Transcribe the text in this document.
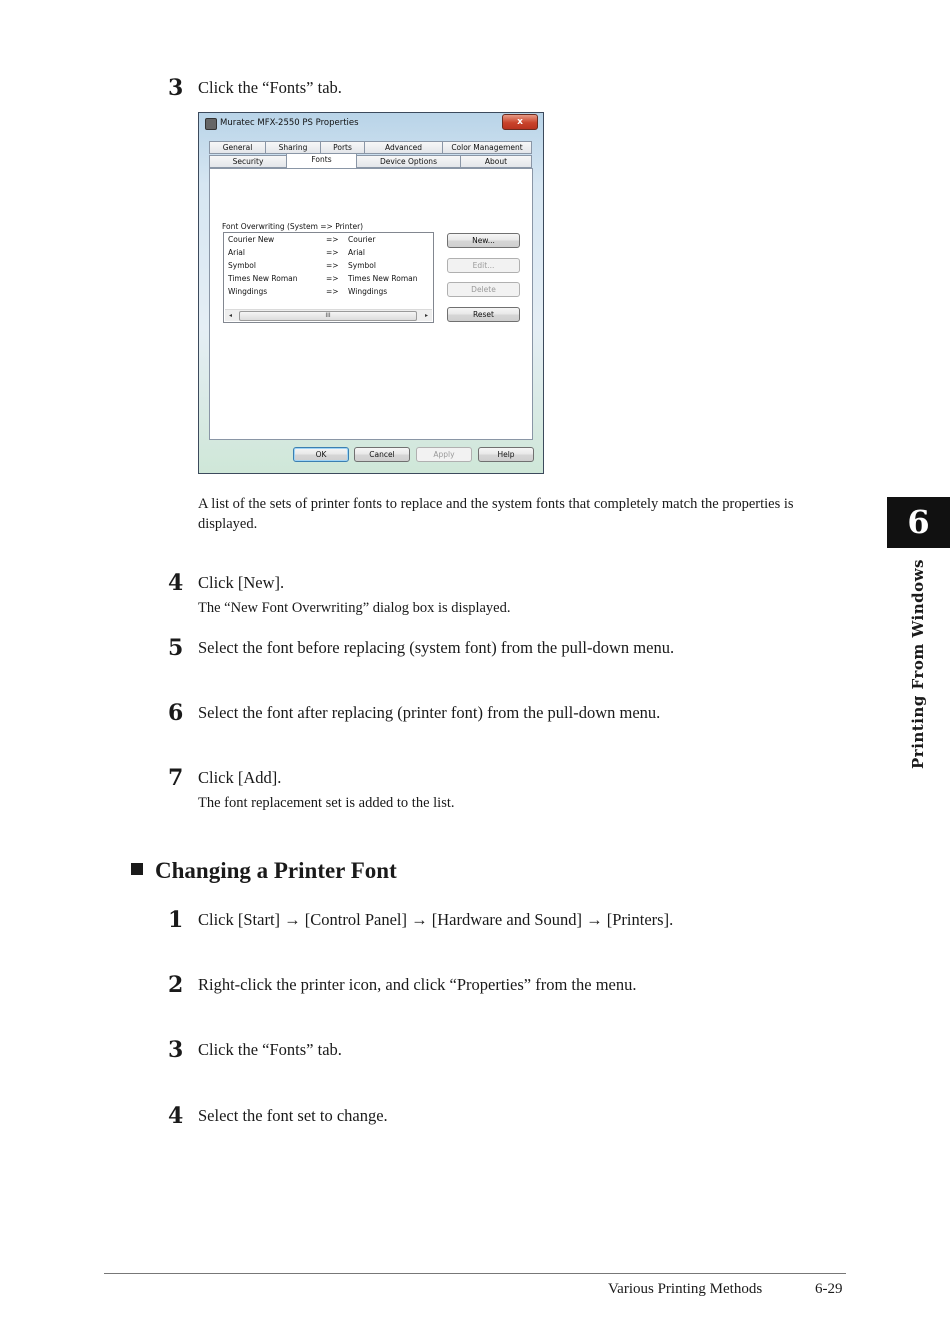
3 Click the “Fonts” tab.
Muratec MFX-2550 PS Properties	x
General	Sharing	Ports	Advanced	Color Management
Security	Fonts	Device Options	About
Font Overwriting (System => Printer)
Courier New	=> Courier
Arial	=> Arial
Symbol	=> Symbol
Times New Roman	=> Times New Roman
Wingdings	=> Wingdings
◂	III	▸
New...
Edit...
Delete
Reset
OK	Cancel	Apply	Help
A list of the sets of printer fonts to replace and the system fonts that completely match the properties is displayed.
4 Click [New].
The “New Font Overwriting” dialog box is displayed.
5 Select the font before replacing (system font) from the pull-down menu.
6 Select the font after replacing (printer font) from the pull-down menu.
7 Click [Add].
The font replacement set is added to the list.
Changing a Printer Font
1 Click [Start] → [Control Panel] → [Hardware and Sound] → [Printers].
2 Right-click the printer icon, and click “Properties” from the menu.
3 Click the “Fonts” tab.
4 Select the font set to change.
6
Printing From Windows
Various Printing Methods	6-29
